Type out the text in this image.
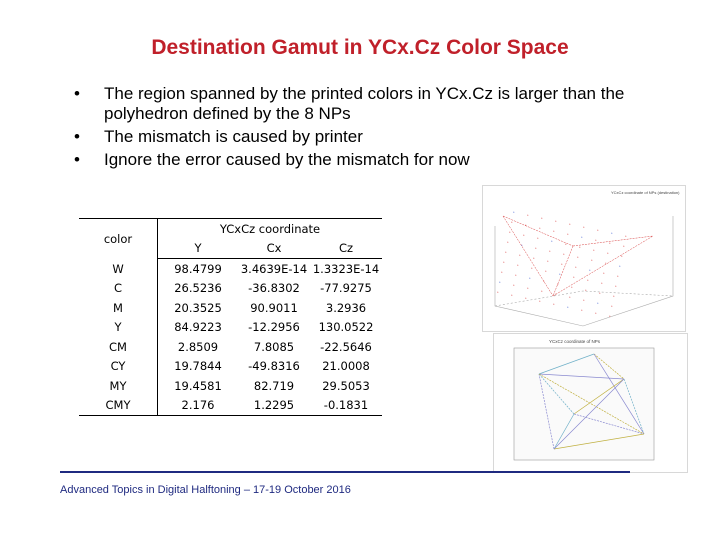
Destination Gamut in YCx.Cz Color Space
•	The region spanned by the printed colors in YCx.Cz is larger than the polyhedron defined by the 8 NPs
•	The mismatch is caused by printer
•	Ignore the error caused by the mismatch for now
color	YCxCz coordinate		
	Y	Cx	Cz
W	98.4799	3.4639E-14	1.3323E-14
C	26.5236	-36.8302	-77.9275
M	20.3525	90.9011	3.2936
Y	84.9223	-12.2956	130.0522
CM	2.8509	7.8085	-22.5646
CY	19.7844	-49.8316	21.0008
MY	19.4581	82.719	29.5053
CMY	2.176	1.2295	-0.1831
YCxCz coordinate of NPs (destination)
*
*
*
*
*
*
*
*
*
*
*
*
*
*
*
*
*
*
*
*
*
*
*
*
*
*
*
*
*
*
*
*
*
*
*
*
*
*
*
*
*
*
*
*
*
*
*
*
*
*
*
*
*
*
*
*
*
*
*
*
*
*
*
*
*
*
*
*
*
*
*
*
*
*
*
*
*
*
*
YCxCz coordinate of NPs
Advanced Topics in Digital Halftoning – 17-19 October 2016
